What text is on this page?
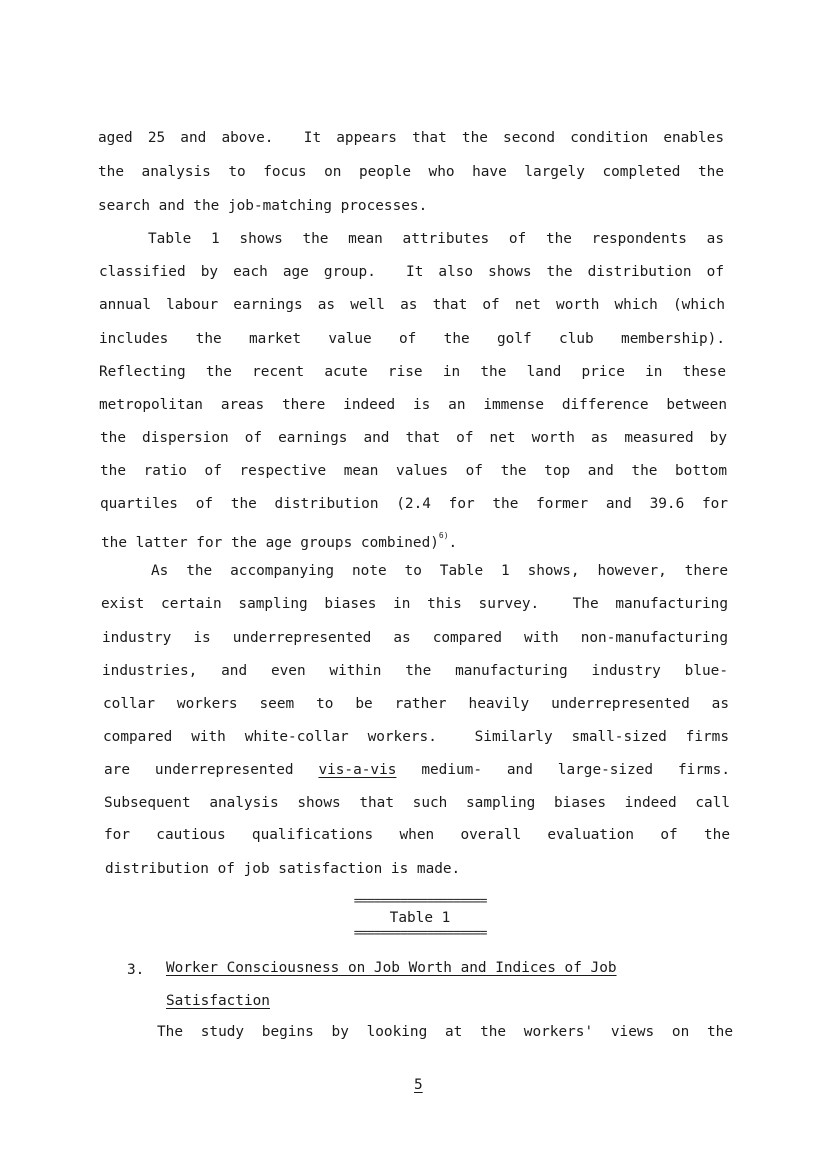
aged 25 and above.  It appears that the second condition enables
the analysis to focus on people who have largely completed the
search and the job-matching processes.
Table 1 shows the mean attributes of the respondents as
classified by each age group.  It also shows the distribution of
annual labour earnings as well as that of net worth which (which
includes the market value of the golf club membership).
Reflecting the recent acute rise in the land price in these
metropolitan areas there indeed is an immense difference between
the dispersion of earnings and that of net worth as measured by
the ratio of respective mean values of the top and the bottom
quartiles of the distribution (2.4 for the former and 39.6 for
the latter for the age groups combined)$^{6)}$.
As the accompanying note to Table 1 shows, however, there
exist certain sampling biases in this survey.  The manufacturing
industry is underrepresented as compared with non-manufacturing
industries, and even within the manufacturing industry blue-
collar workers seem to be rather heavily underrepresented as
compared with white-collar workers.  Similarly small-sized firms
are underrepresented vis-a-vis medium- and large-sized firms.
Subsequent analysis shows that such sampling biases indeed call
for cautious qualifications when overall evaluation of the
distribution of job satisfaction is made.
====================
Table 1
====================
3. Worker Consciousness on Job Worth and Indices of Job
Satisfaction
The study begins by looking at the workers' views on the
5
